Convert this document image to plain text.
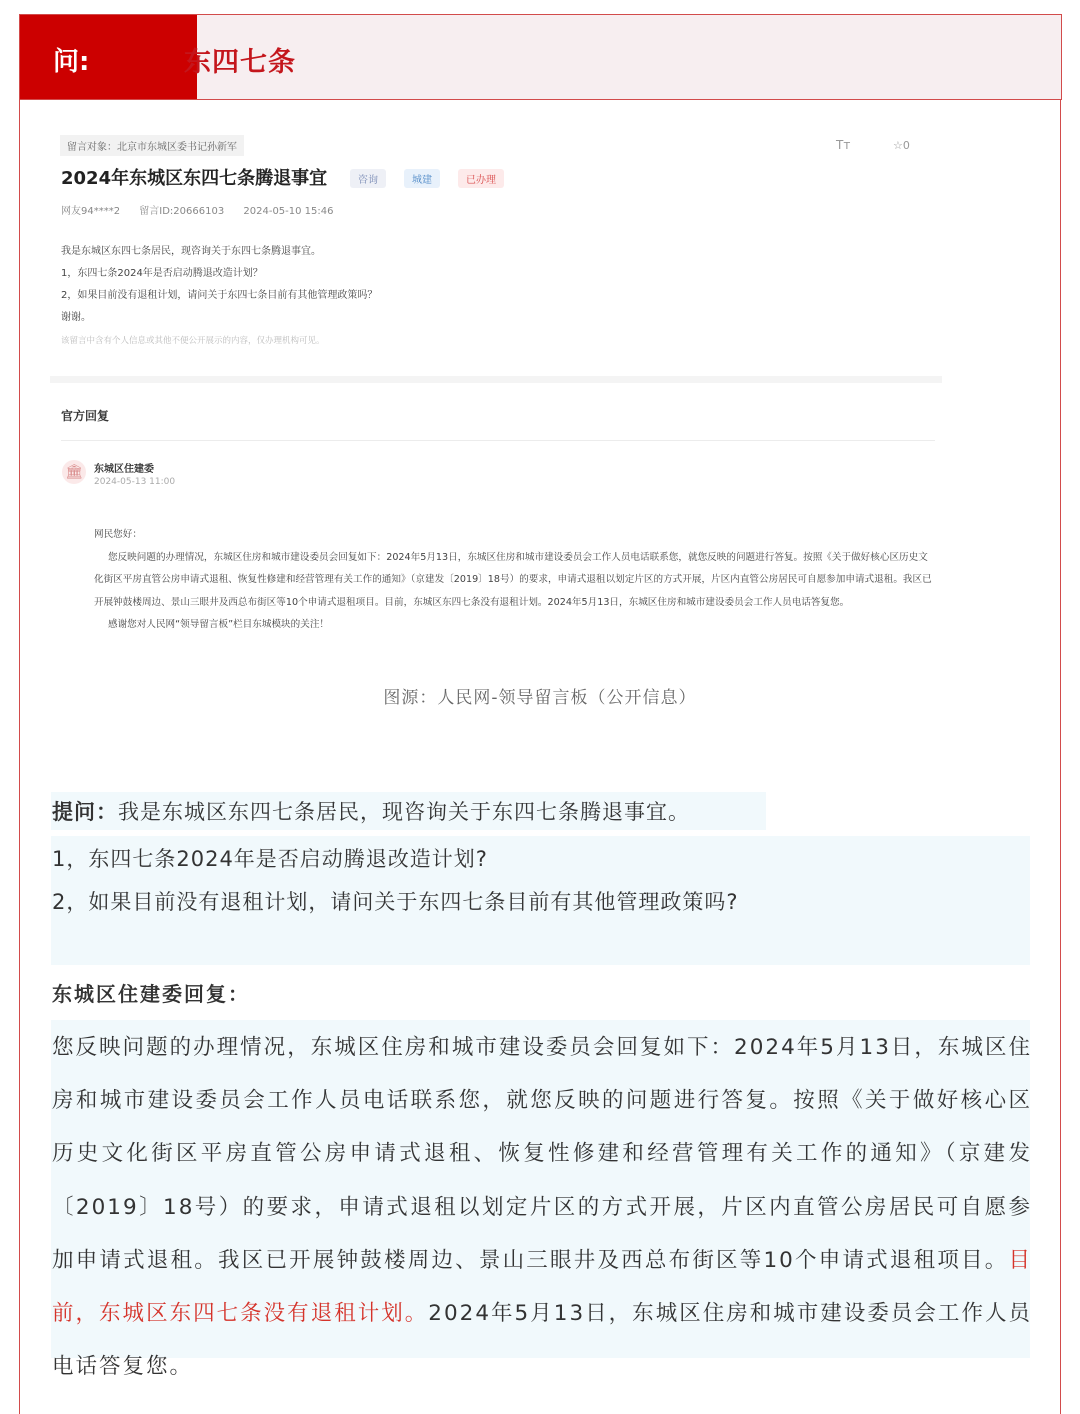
问:	东四七条
留言对象：北京市东城区委书记孙新军	Tт	☆0
2024年东城区东四七条腾退事宜	咨询	城建	已办理
网友94****2 留言ID:20666103 2024-05-10 15:46
我是东城区东四七条居民，现咨询关于东四七条腾退事宜。
1，东四七条2024年是否启动腾退改造计划？
2，如果目前没有退租计划，请问关于东四七条目前有其他管理政策吗？
谢谢。
该留言中含有个人信息或其他不便公开展示的内容，仅办理机构可见。
官方回复
🏛	东城区住建委
2024-05-13 11:00

网民您好：

您反映问题的办理情况，东城区住房和城市建设委员会回复如下：2024年5月13日，东城区住房和城市建设委员会工作人员电话联系您，就您反映的问题进行答复。按照《关于做好核心区历史文化街区平房直管公房申请式退租、恢复性修建和经营管理有关工作的通知》（京建发〔2019〕18号）的要求，申请式退租以划定片区的方式开展，片区内直管公房居民可自愿参加申请式退租。我区已开展钟鼓楼周边、景山三眼井及西总布街区等10个申请式退租项目。目前，东城区东四七条没有退租计划。2024年5月13日，东城区住房和城市建设委员会工作人员电话答复您。

感谢您对人民网“领导留言板”栏目东城模块的关注！

图源：人民网-领导留言板（公开信息）
提问：我是东城区东四七条居民，现咨询关于东四七条腾退事宜。
1，东四七条2024年是否启动腾退改造计划?
2，如果目前没有退租计划，请问关于东四七条目前有其他管理政策吗?
东城区住建委回复：
您反映问题的办理情况，东城区住房和城市建设委员会回复如下：2024年5月13日，东城区住房和城市建设委员会工作人员电话联系您，就您反映的问题进行答复。按照《关于做好核心区历史文化街区平房直管公房申请式退租、恢复性修建和经营管理有关工作的通知》（京建发〔2019〕18号）的要求，申请式退租以划定片区的方式开展，片区内直管公房居民可自愿参加申请式退租。我区已开展钟鼓楼周边、景山三眼井及西总布街区等10个申请式退租项目。目前，东城区东四七条没有退租计划。2024年5月13日，东城区住房和城市建设委员会工作人员电话答复您。
